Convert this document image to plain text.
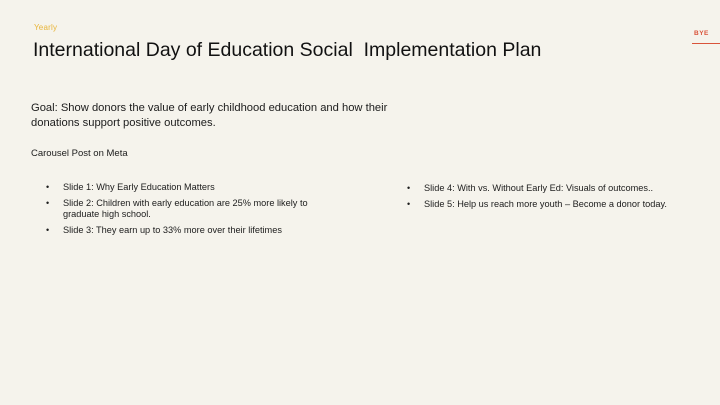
Yearly
International Day of Education Social  Implementation Plan
BYE

Goal: Show donors the value of early childhood education and how their donations support positive outcomes.

Carousel Post on Meta

• Slide 1: Why Early Education Matters
• Slide 2: Children with early education are 25% more likely to graduate high school.
• Slide 3: They earn up to 33% more over their lifetimes
• Slide 4: With vs. Without Early Ed: Visuals of outcomes..
• Slide 5: Help us reach more youth – Become a donor today.
